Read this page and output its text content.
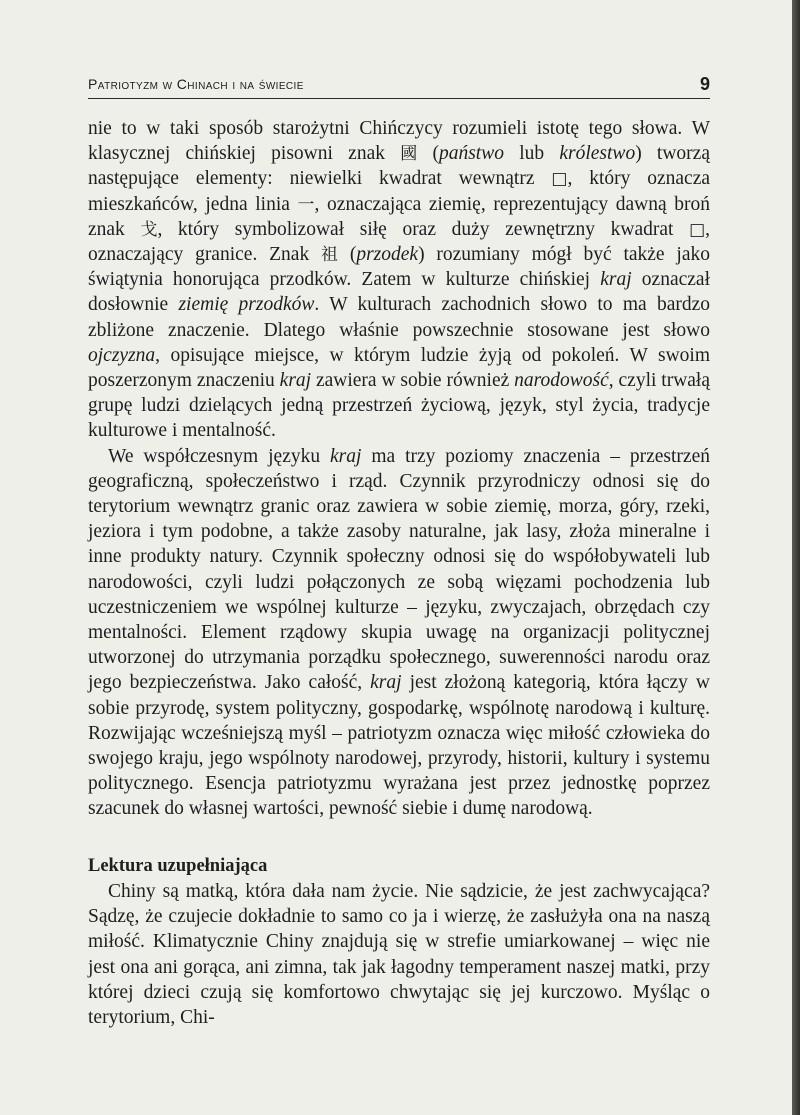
Patriotyzm w Chinach i na świecie	9

nie to w taki sposób starożytni Chińczycy rozumieli istotę tego słowa. W klasycznej chińskiej pisowni znak 國 (państwo lub królestwo) tworzą następujące elementy: niewielki kwadrat wewnątrz □, który oznacza mieszkańców, jedna linia 一, oznaczająca ziemię, reprezentujący dawną broń znak 戈, który symbolizował siłę oraz duży zewnętrzny kwadrat □, oznaczający granice. Znak 祖 (przodek) rozumiany mógł być także jako świątynia honorująca przodków. Zatem w kulturze chińskiej kraj oznaczał dosłownie ziemię przodków. W kulturach zachodnich słowo to ma bardzo zbliżone znaczenie. Dlatego właśnie powszechnie stosowane jest słowo ojczyzna, opisujące miejsce, w którym ludzie żyją od pokoleń. W swoim poszerzonym znaczeniu kraj zawiera w sobie również narodowość, czyli trwałą grupę ludzi dzielących jedną przestrzeń życiową, język, styl życia, tradycje kulturowe i mentalność.

We współczesnym języku kraj ma trzy poziomy znaczenia – przestrzeń geograficzną, społeczeństwo i rząd. Czynnik przyrodniczy odnosi się do terytorium wewnątrz granic oraz zawiera w sobie ziemię, morza, góry, rzeki, jeziora i tym podobne, a także zasoby naturalne, jak lasy, złoża mineralne i inne produkty natury. Czynnik społeczny odnosi się do współobywateli lub narodowości, czyli ludzi połączonych ze sobą więzami pochodzenia lub uczestniczeniem we wspólnej kulturze – języku, zwyczajach, obrzędach czy mentalności. Element rządowy skupia uwagę na organizacji politycznej utworzonej do utrzymania porządku społecznego, suwerenności narodu oraz jego bezpieczeństwa. Jako całość, kraj jest złożoną kategorią, która łączy w sobie przyrodę, system polityczny, gospodarkę, wspólnotę narodową i kulturę. Rozwijając wcześniejszą myśl – patriotyzm oznacza więc miłość człowieka do swojego kraju, jego wspólnoty narodowej, przyrody, historii, kultury i systemu politycznego. Esencja patriotyzmu wyrażana jest przez jednostkę poprzez szacunek do własnej wartości, pewność siebie i dumę narodową.

Lektura uzupełniająca

Chiny są matką, która dała nam życie. Nie sądzicie, że jest zachwycająca? Sądzę, że czujecie dokładnie to samo co ja i wierzę, że zasłużyła ona na naszą miłość. Klimatycznie Chiny znajdują się w strefie umiarkowanej – więc nie jest ona ani gorąca, ani zimna, tak jak łagodny temperament naszej matki, przy której dzieci czują się komfortowo chwytając się jej kurczowo. Myśląc o terytorium, Chi-
